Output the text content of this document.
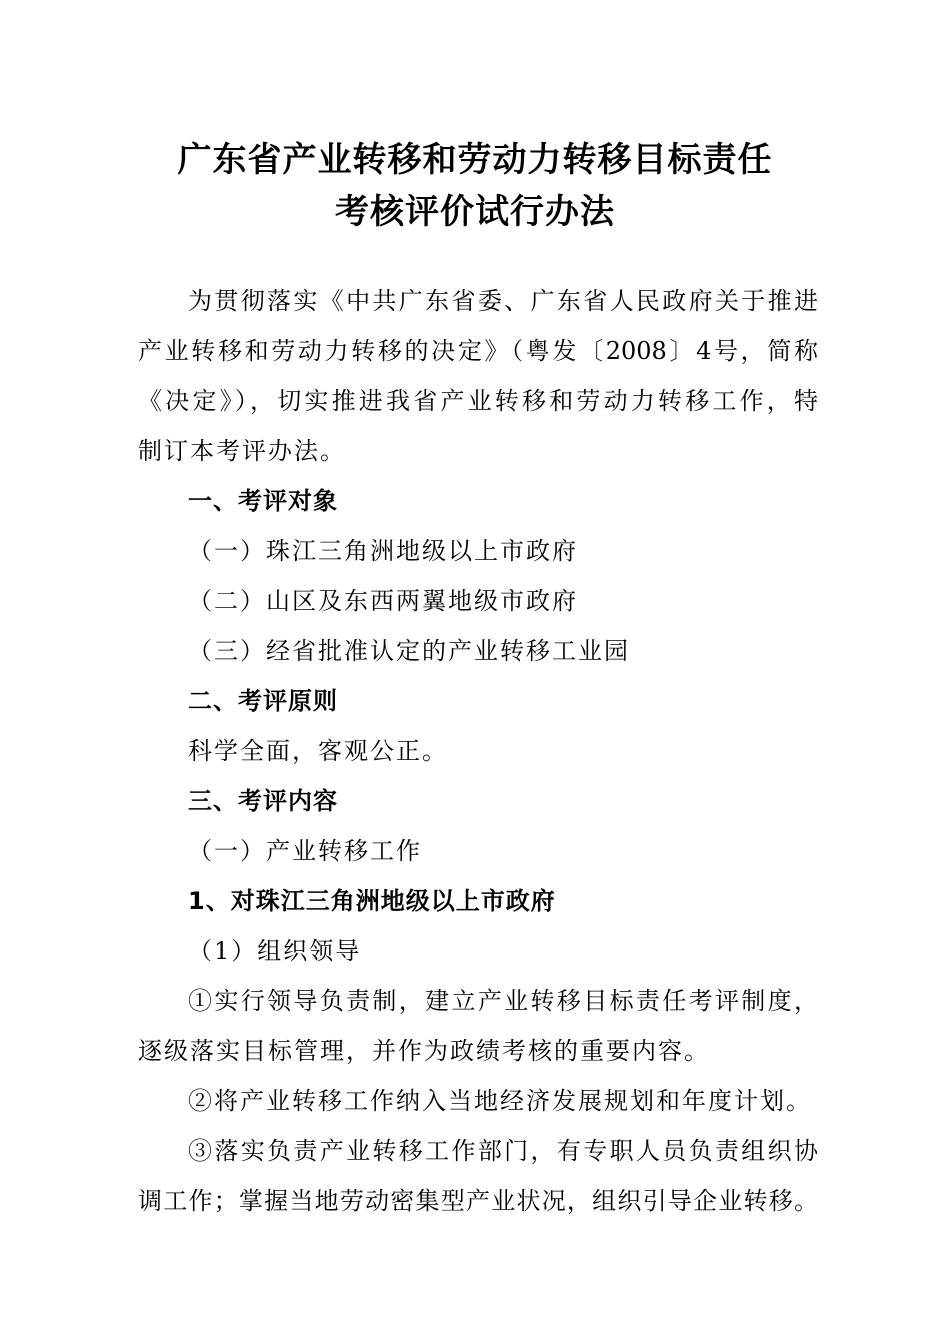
广东省产业转移和劳动力转移目标责任
考核评价试行办法
为贯彻落实《中共广东省委、广东省人民政府关于推进
产业转移和劳动力转移的决定》（粤发〔2008〕4号，简称
《决定》），切实推进我省产业转移和劳动力转移工作，特
制订本考评办法。
一、考评对象
（一）珠江三角洲地级以上市政府
（二）山区及东西两翼地级市政府
（三）经省批准认定的产业转移工业园
二、考评原则
科学全面，客观公正。
三、考评内容
（一）产业转移工作
1、对珠江三角洲地级以上市政府
（1）组织领导
①实行领导负责制，建立产业转移目标责任考评制度，
逐级落实目标管理，并作为政绩考核的重要内容。
②将产业转移工作纳入当地经济发展规划和年度计划。
③落实负责产业转移工作部门，有专职人员负责组织协
调工作；掌握当地劳动密集型产业状况，组织引导企业转移。
